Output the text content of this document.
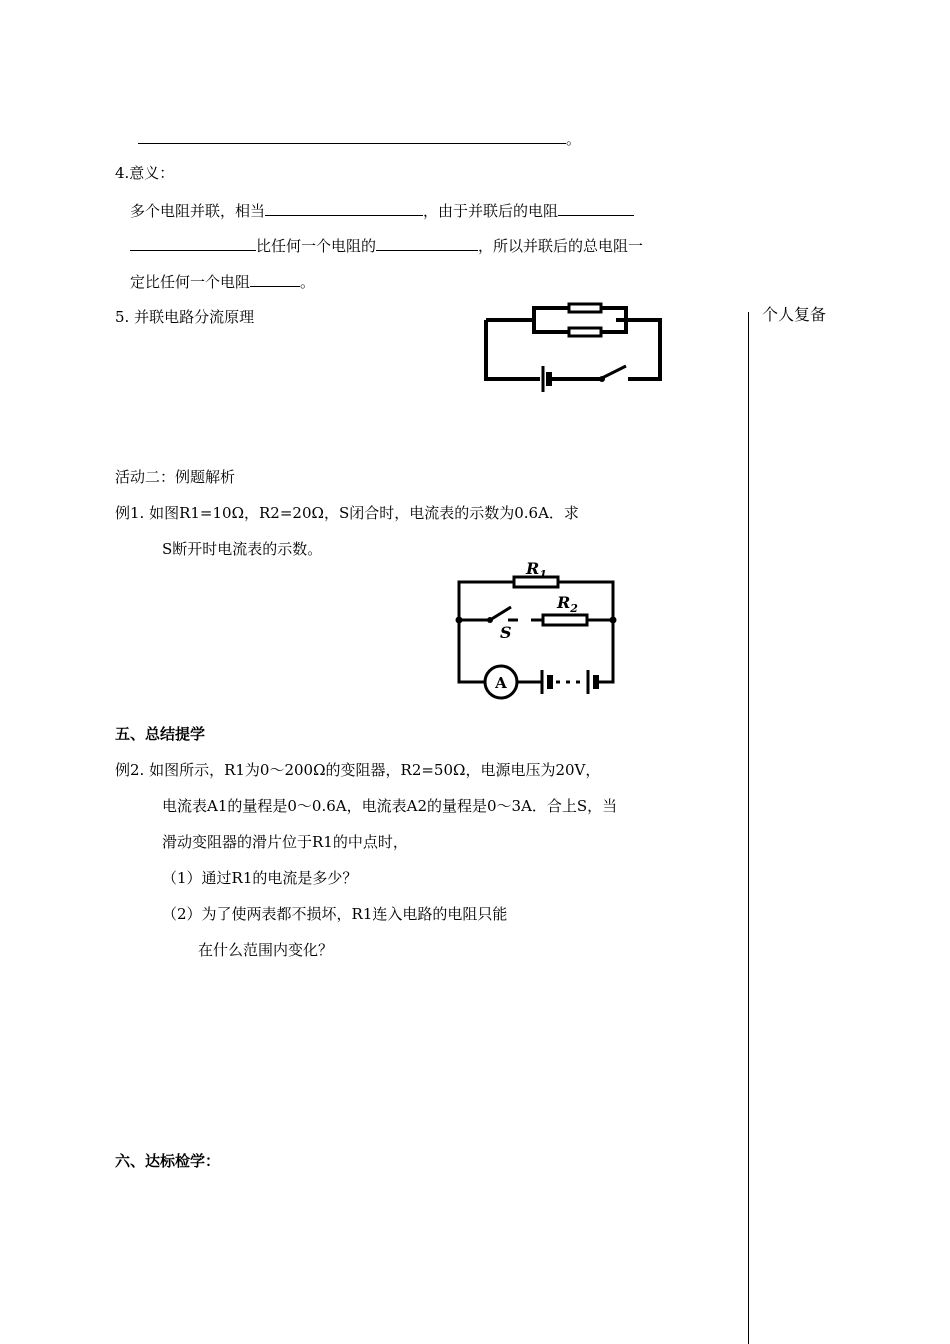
。
4.意义：
多个电阻并联，相当	，由于并联后的电阻
比任何一个电阻的	，所以并联后的总电阻一
定比任何一个电阻	。
5. 并联电路分流原理	个人复备
活动二：例题解析
例1. 如图R1=10Ω，R2=20Ω，S闭合时，电流表的示数为0.6A．求
S断开时电流表的示数。
A
$R_1$
$R_2$
S
五、总结提学
例2. 如图所示，R1为0～200Ω的变阻器，R2=50Ω，电源电压为20V，
电流表A1的量程是0～0.6A，电流表A2的量程是0～3A．合上S，当
滑动变阻器的滑片位于R1的中点时，
（1）通过R1的电流是多少？
（2）为了使两表都不损坏，R1连入电路的电阻只能
在什么范围内变化？
六、达标检学：
